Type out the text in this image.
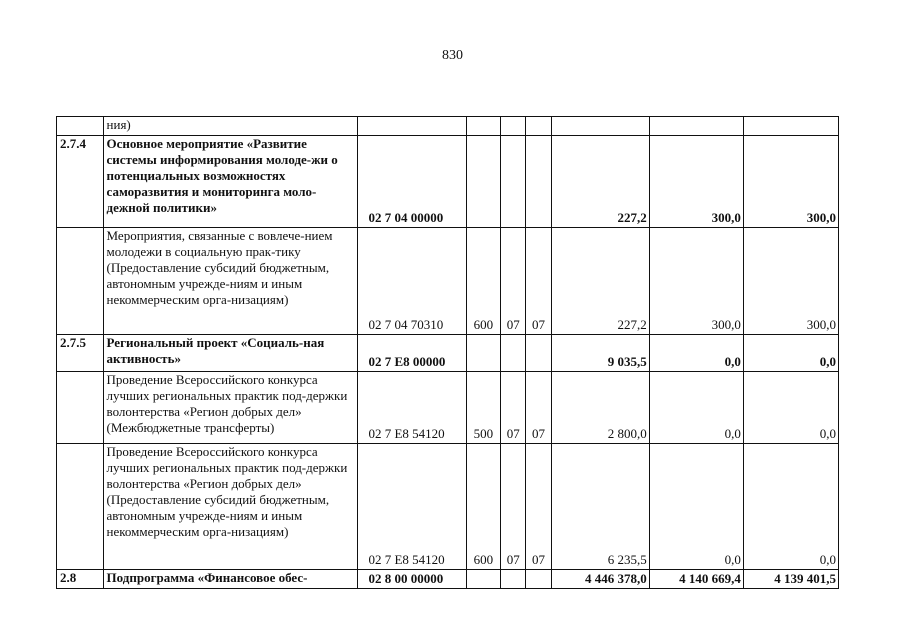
830
	ния)							
2.7.4	Основное мероприятие «Развитие системы информирования молоде-жи о потенциальных возможностях саморазвития и мониторинга моло-дежной политики»	02 7 04 00000				227,2	300,0	300,0
	Мероприятия, связанные с вовлече-нием молодежи в социальную прак-тику (Предоставление субсидий бюджетным, автономным учрежде-ниям и иным некоммерческим орга-низациям)	02 7 04 70310	600	07	07	227,2	300,0	300,0
2.7.5	Региональный проект «Социаль-ная активность»	02 7 E8 00000				9 035,5	0,0	0,0
	Проведение Всероссийского конкурса лучших региональных практик под-держки волонтерства «Регион добрых дел» (Межбюджетные трансферты)	02 7 E8 54120	500	07	07	2 800,0	0,0	0,0
	Проведение Всероссийского конкурса лучших региональных практик под-держки волонтерства «Регион добрых дел» (Предоставление субсидий бюджетным, автономным учрежде-ниям и иным некоммерческим орга-низациям)	02 7 E8 54120	600	07	07	6 235,5	0,0	0,0
2.8	Подпрограмма «Финансовое обес-	02 8 00 00000				4 446 378,0	4 140 669,4	4 139 401,5
